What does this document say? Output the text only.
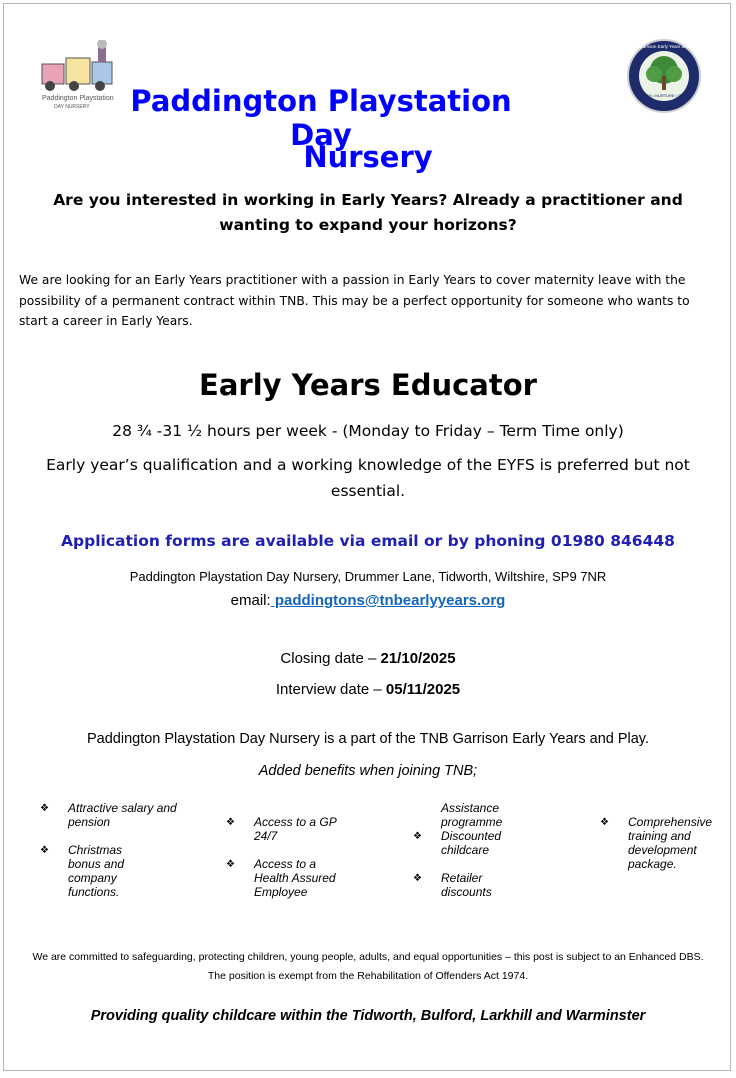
Paddington Playstation
DAY NURSERY
TNB Garrison Early Years and Play
TEACH • NURTURE • BUILD
Paddington Playstation Day
Nursery
Are you interested in working in Early Years? Already a practitioner and wanting to expand your horizons?
We are looking for an Early Years practitioner with a passion in Early Years to cover maternity leave with the possibility of a permanent contract within TNB. This may be a perfect opportunity for someone who wants to start a career in Early Years.
Early Years Educator
28 ¾ -31 ½ hours per week - (Monday to Friday – Term Time only)
Early year’s qualification and a working knowledge of the EYFS is preferred but not essential.
Application forms are available via email or by phoning 01980 846448
Paddington Playstation Day Nursery, Drummer Lane, Tidworth, Wiltshire, SP9 7NR
email: paddingtons@tnbearlyyears.org
Closing date – 21/10/2025
Interview date – 05/11/2025
Paddington Playstation Day Nursery is a part of the TNB Garrison Early Years and Play.
Added benefits when joining TNB;
❖ Attractive salary and pension
❖ Christmas bonus and company functions.
❖ Access to a GP 24/7
❖ Access to a Health Assured Employee
Assistance programme
❖ Discounted childcare
❖ Retailer discounts
❖ Comprehensive training and development package.
We are committed to safeguarding, protecting children, young people, adults, and equal opportunities – this post is subject to an Enhanced DBS.
The position is exempt from the Rehabilitation of Offenders Act 1974.
Providing quality childcare within the Tidworth, Bulford, Larkhill and Warminster
